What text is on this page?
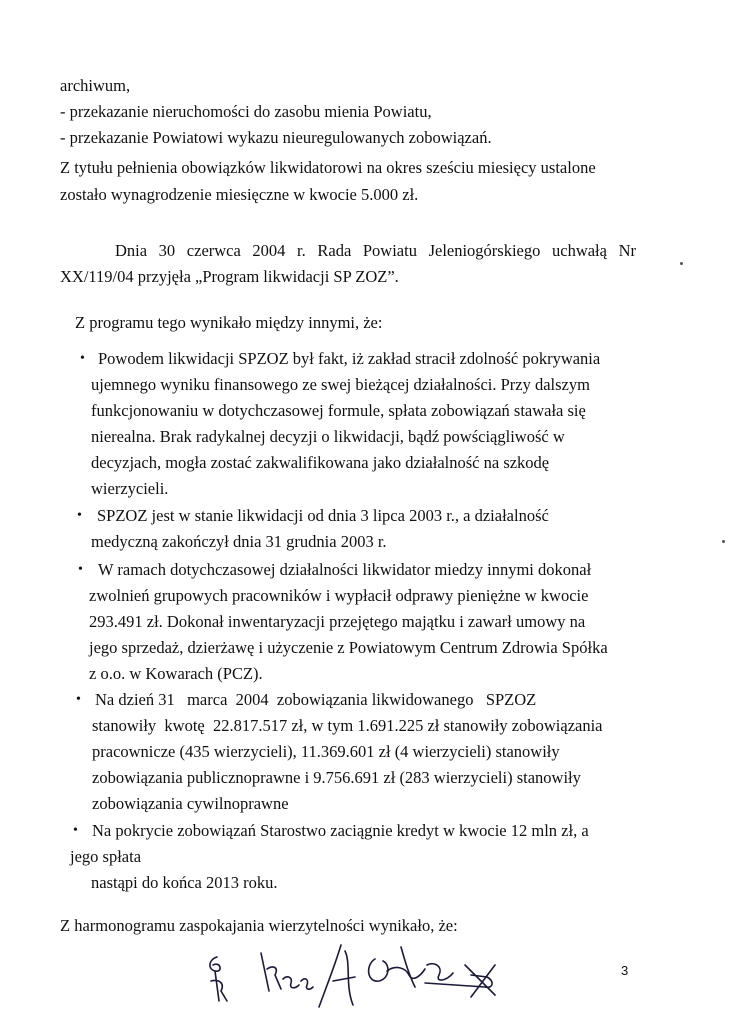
archiwum,
- przekazanie nieruchomości do zasobu mienia Powiatu,
- przekazanie Powiatowi wykazu nieuregulowanych zobowiązań.
Z tytułu pełnienia obowiązków likwidatorowi na okres sześciu miesięcy ustalone
zostało wynagrodzenie miesięczne w kwocie 5.000 zł.
Dnia 30 czerwca 2004 r. Rada Powiatu Jeleniogórskiego uchwałą Nr
XX/119/04 przyjęła „Program likwidacji SP ZOZ”.
Z programu tego wynikało między innymi, że:
• Powodem likwidacji SPZOZ był fakt, iż zakład stracił zdolność pokrywania
ujemnego wyniku finansowego ze swej bieżącej działalności. Przy dalszym
funkcjonowaniu w dotychczasowej formule, spłata zobowiązań stawała się
nierealna. Brak radykalnej decyzji o likwidacji, bądź powściągliwość w
decyzjach, mogła zostać zakwalifikowana jako działalność na szkodę
wierzycieli.
• SPZOZ jest w stanie likwidacji od dnia 3 lipca 2003 r., a działalność
medyczną zakończył dnia 31 grudnia 2003 r.
• W ramach dotychczasowej działalności likwidator miedzy innymi dokonał
zwolnień grupowych pracowników i wypłacił odprawy pieniężne w kwocie
293.491 zł. Dokonał inwentaryzacji przejętego majątku i zawarł umowy na
jego sprzedaż, dzierżawę i użyczenie z Powiatowym Centrum Zdrowia Spółka
z o.o. w Kowarach (PCZ).
• Na dzień 31   marca  2004  zobowiązania likwidowanego   SPZOZ
stanowiły  kwotę  22.817.517 zł, w tym 1.691.225 zł stanowiły zobowiązania
pracownicze (435 wierzycieli), 11.369.601 zł (4 wierzycieli) stanowiły
zobowiązania publicznoprawne i 9.756.691 zł (283 wierzycieli) stanowiły
zobowiązania cywilnoprawne
• Na pokrycie zobowiązań Starostwo zaciągnie kredyt w kwocie 12 mln zł, a
jego spłata
nastąpi do końca 2013 roku.
Z harmonogramu zaspokajania wierzytelności wynikało, że:
3
